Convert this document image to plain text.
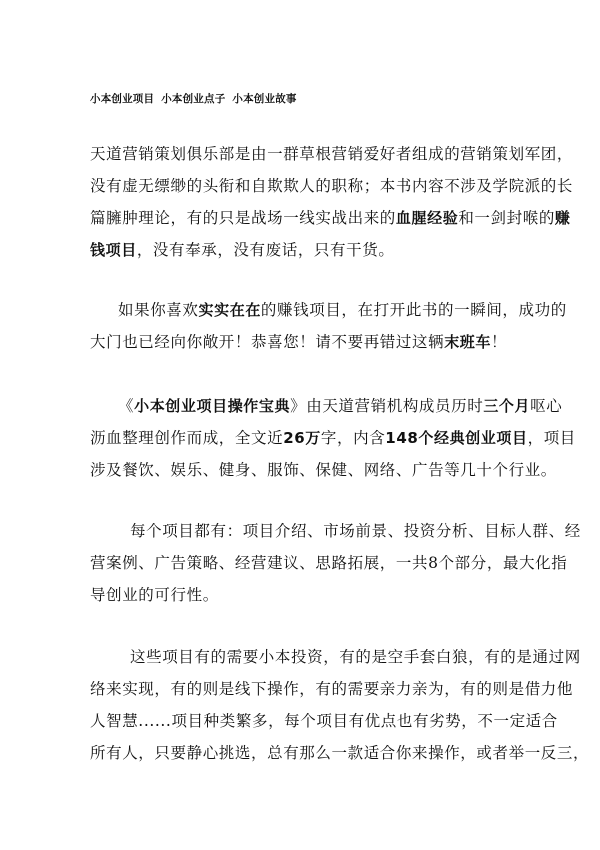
小本创业项目 小本创业点子 小本创业故事
天道营销策划俱乐部是由一群草根营销爱好者组成的营销策划军团，
没有虚无缥缈的头衔和自欺欺人的职称；本书内容不涉及学院派的长
篇臃肿理论，有的只是战场一线实战出来的血腥经验和一剑封喉的赚
钱项目，没有奉承，没有废话，只有干货。
如果你喜欢实实在在的赚钱项目，在打开此书的一瞬间，成功的
大门也已经向你敞开！恭喜您！请不要再错过这辆末班车！
《小本创业项目操作宝典》由天道营销机构成员历时三个月呕心
沥血整理创作而成，全文近26万字，内含148个经典创业项目，项目
涉及餐饮、娱乐、健身、服饰、保健、网络、广告等几十个行业。
每个项目都有：项目介绍、市场前景、投资分析、目标人群、经
营案例、广告策略、经营建议、思路拓展，一共8个部分，最大化指
导创业的可行性。
这些项目有的需要小本投资，有的是空手套白狼，有的是通过网
络来实现，有的则是线下操作，有的需要亲力亲为，有的则是借力他
人智慧......项目种类繁多，每个项目有优点也有劣势，不一定适合
所有人，只要静心挑选，总有那么一款适合你来操作，或者举一反三，
